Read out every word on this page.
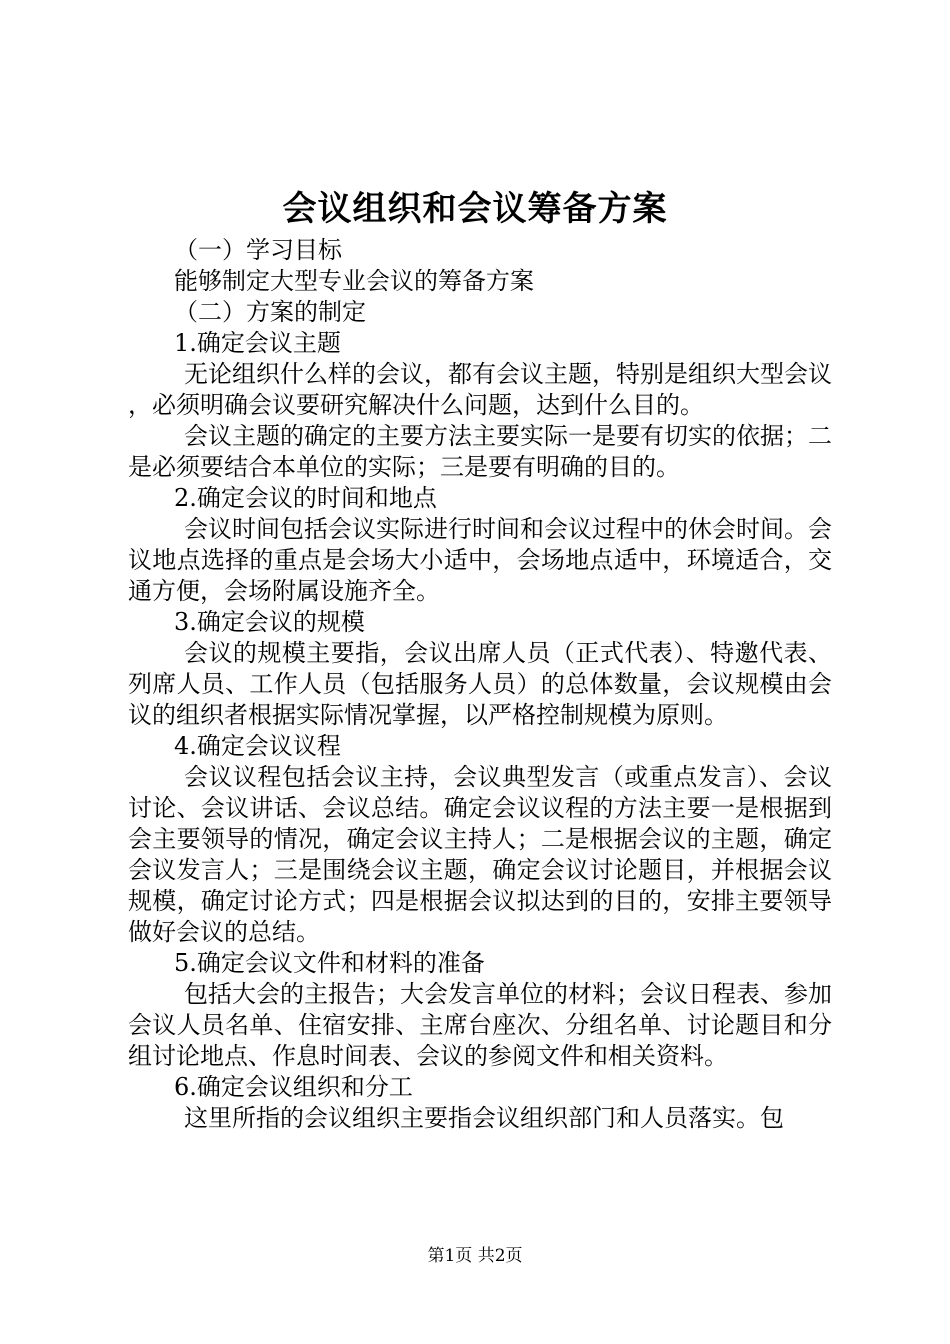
会议组织和会议筹备方案

（一）学习目标

能够制定大型专业会议的筹备方案

（二）方案的制定

1.确定会议主题

无论组织什么样的会议，都有会议主题，特别是组织大型会议，必须明确会议要研究解决什么问题，达到什么目的。

会议主题的确定的主要方法主要实际一是要有切实的依据；二是必须要结合本单位的实际；三是要有明确的目的。

2.确定会议的时间和地点

会议时间包括会议实际进行时间和会议过程中的休会时间。会议地点选择的重点是会场大小适中，会场地点适中，环境适合，交通方便，会场附属设施齐全。

3.确定会议的规模

会议的规模主要指，会议出席人员（正式代表）、特邀代表、列席人员、工作人员（包括服务人员）的总体数量，会议规模由会议的组织者根据实际情况掌握，以严格控制规模为原则。

4.确定会议议程

会议议程包括会议主持，会议典型发言（或重点发言）、会议讨论、会议讲话、会议总结。确定会议议程的方法主要一是根据到会主要领导的情况，确定会议主持人；二是根据会议的主题，确定会议发言人；三是围绕会议主题，确定会议讨论题目，并根据会议规模，确定讨论方式；四是根据会议拟达到的目的，安排主要领导做好会议的总结。

5.确定会议文件和材料的准备

包括大会的主报告；大会发言单位的材料；会议日程表、参加会议人员名单、住宿安排、主席台座次、分组名单、讨论题目和分组讨论地点、作息时间表、会议的参阅文件和相关资料。

6.确定会议组织和分工

这里所指的会议组织主要指会议组织部门和人员落实。包

第1页 共2页
